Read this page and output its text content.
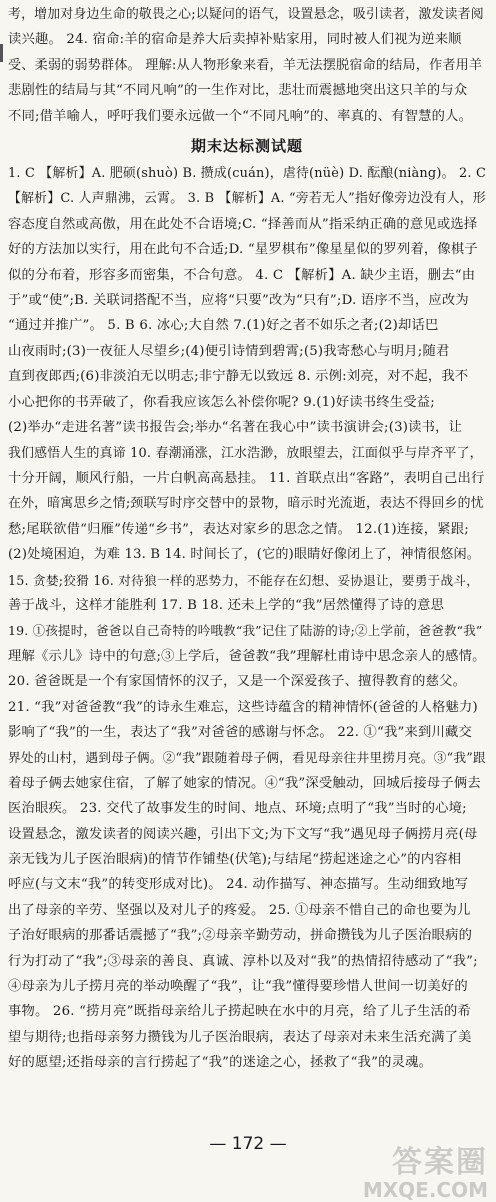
考，增加对身边生命的敬畏之心;以疑问的语气，设置悬念，吸引读者，激发读者阅

读兴趣。 24. 宿命:羊的宿命是养大后卖掉补贴家用，同时被人们视为逆来顺

受、柔弱的弱势群体。 理解:从人物形象来看，羊无法摆脱宿命的结局，作者用羊

悲剧性的结局与其“不同凡响”的一生作对比，悲壮而震撼地突出这只羊的与众

不同;借羊喻人，呼吁我们要永远做一个“不同凡响”的、率真的、有智慧的人。

期末达标测试题

1. C 【解析】A. 肥硕(shuò) B. 攒成(cuán)，虐待(nüè) D. 酝酿(niàng)。 2. C

【解析】C. 人声鼎沸，云霄。 3. B 【解析】A. “旁若无人”指好像旁边没有人，形

容态度自然或高傲，用在此处不合语境;C. “择善而从”指采纳正确的意见或选择

好的方法加以实行，用在此句不合适;D. “星罗棋布”像星星似的罗列着，像棋子

似的分布着，形容多而密集，不合句意。 4. C 【解析】A. 缺少主语，删去“由

于”或“使”;B. 关联词搭配不当，应将“只要”改为“只有”;D. 语序不当，应改为

“通过并推广”。 5. B 6. 冰心;大自然 7.(1)好之者不如乐之者;(2)却话巴

山夜雨时;(3)一夜征人尽望乡;(4)便引诗情到碧霄;(5)我寄愁心与明月;随君

直到夜郎西;(6)非淡泊无以明志;非宁静无以致远 8. 示例:刘亮，对不起，我不

小心把你的书弄破了，你看我应该怎么补偿你呢? 9.(1)好读书终生受益;

(2)举办“走进名著”读书报告会;举办“名著在我心中”读书演讲会;(3)读书，让

我们感悟人生的真谛 10. 春潮涌涨，江水浩渺，放眼望去，江面似乎与岸齐平了，

十分开阔，顺风行船，一片白帆高高悬挂。 11. 首联点出“客路”，表明自己出行

在外，暗寓思乡之情;颈联写时序交替中的景物，暗示时光流逝，表达不得回乡的忧

愁;尾联欲借“归雁”传递“乡书”，表达对家乡的思念之情。 12.(1)连接，紧跟;

(2)处境困迫，为难 13. B 14. 时间长了，(它的)眼睛好像闭上了，神情很悠闲。

15. 贪婪;狡猾 16. 对待狼一样的恶势力，不能存在幻想、妥协退让，要勇于战斗，

善于战斗，这样才能胜利 17. B 18. 还未上学的“我”居然懂得了诗的意思

19. ①孩提时，爸爸以自己奇特的吟哦教“我”记住了陆游的诗;②上学前，爸爸教“我”

理解《示儿》诗中的句意;③上学后，爸爸教“我”理解杜甫诗中思念亲人的感情。

20. 爸爸既是一个有家国情怀的汉子，又是一个深爱孩子、擅得教育的慈父。

21. “我”对爸爸教“我”的诗永生难忘，这些诗蕴含的精神情怀(爸爸的人格魅力)

影响了“我”的一生，表达了“我”对爸爸的感谢与怀念。 22. ①“我”来到川藏交

界处的山村，遇到母子俩。②“我”跟随着母子俩，看见母亲往井里捞月亮。③“我”跟

着母子俩去她家住宿，了解了她家的情况。④“我”深受触动，回城后接母子俩去

医治眼疾。 23. 交代了故事发生的时间、地点、环境;点明了“我”当时的心境;

设置悬念，激发读者的阅读兴趣，引出下文;为下文写“我”遇见母子俩捞月亮(母

亲无钱为儿子医治眼病)的情节作铺垫(伏笔);与结尾“捞起迷途之心”的内容相

呼应(与文末“我”的转变形成对比)。 24. 动作描写、神态描写。生动细致地写

出了母亲的辛劳、坚强以及对儿子的疼爱。 25. ①母亲不惜自己的命也要为儿

子治好眼病的那番话震撼了“我”;②母亲辛勤劳动，拼命攒钱为儿子医治眼病的

行为打动了“我”;③母亲的善良、真诚、淳朴以及对“我”的热情招待感动了“我”;

④母亲为儿子捞月亮的举动唤醒了“我”，让“我”懂得要珍惜人世间一切美好的

事物。 26. “捞月亮”既指母亲给儿子捞起映在水中的月亮，给了儿子生活的希

望与期待;也指母亲努力攒钱为儿子医治眼病，表达了母亲对未来生活充满了美

好的愿望;还指母亲的言行捞起了“我”的迷途之心，拯救了“我”的灵魂。

— 172 —
答案圈
MXQE.COM
